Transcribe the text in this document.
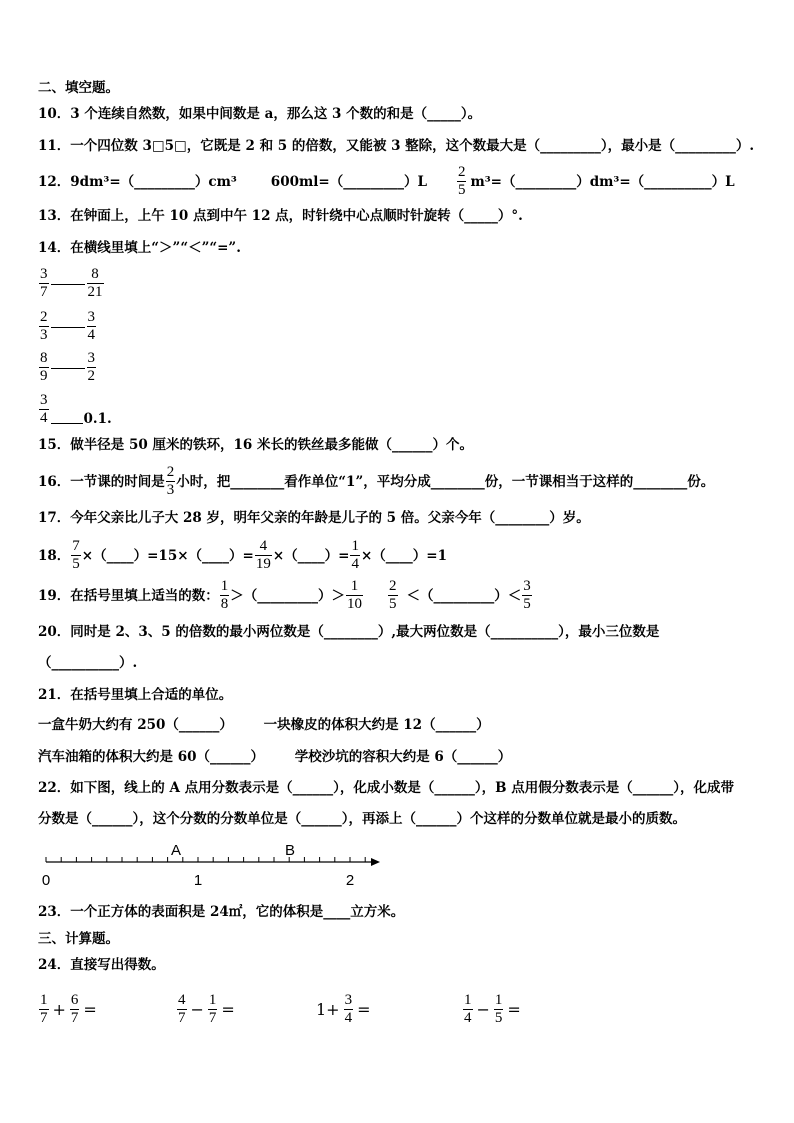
二、填空题。
10．3 个连续自然数，如果中间数是 a，那么这 3 个数的和是（_____）。
11．一个四位数 3□5□，它既是 2 和 5 的倍数，又能被 3 整除，这个数最大是（_________），最小是（_________）.
12．9dm³=（_________）cm³	600ml=（_________）L $\frac{2}{5}$ m³=（_________）dm³=（__________）L
13．在钟面上，上午 10 点到中午 12 点，时针绕中心点顺时针旋转（_____）°.
14．在横线里填上“＞”“＜”“=”.
$\frac{3}{7}$	$\frac{8}{21}$
$\frac{2}{3}$	$\frac{3}{4}$
$\frac{8}{9}$	$\frac{3}{2}$
$\frac{3}{4}$	0.1.
15．做半径是 50 厘米的铁环，16 米长的铁丝最多能做（______）个。
16．一节课的时间是 $\frac{2}{3}$ 小时，把________看作单位“1”，平均分成________份，一节课相当于这样的________份。
17．今年父亲比儿子大 28 岁，明年父亲的年龄是儿子的 5 倍。父亲今年（________）岁。
18． $\frac{7}{5}$ ×（____）=15×（____）= $\frac{4}{19}$ ×（____）= $\frac{1}{4}$ ×（____）=1
19．在括号里填上适当的数： $\frac{1}{8}$ ＞（_________）＞ $\frac{1}{10} \frac{2}{5}$ ＜（_________）＜ $\frac{3}{5}$
20．同时是 2、3、5 的倍数的最小两位数是（________）,最大两位数是（__________），最小三位数是
（__________）.
21．在括号里填上合适的单位。
一盒牛奶大约有 250（______） 一块橡皮的体积大约是 12（______）
汽车油箱的体积大约是 60（______） 学校沙坑的容积大约是 6（______）
22．如下图，线上的 A 点用分数表示是（______），化成小数是（______），B 点用假分数表示是（______），化成带
分数是（______），这个分数的分数单位是（______），再添上（______）个这样的分数单位就是最小的质数。
A	B
0	1	2
23．一个正方体的表面积是 24㎡，它的体积是____立方米。
三、计算题。
24．直接写出得数。
$\frac{1}{7} + \frac{6}{7}$ =	$\frac{4}{7} - \frac{1}{7}$ =	$1+ \frac{3}{4}$ =	$\frac{1}{4} - \frac{1}{5}$ =
